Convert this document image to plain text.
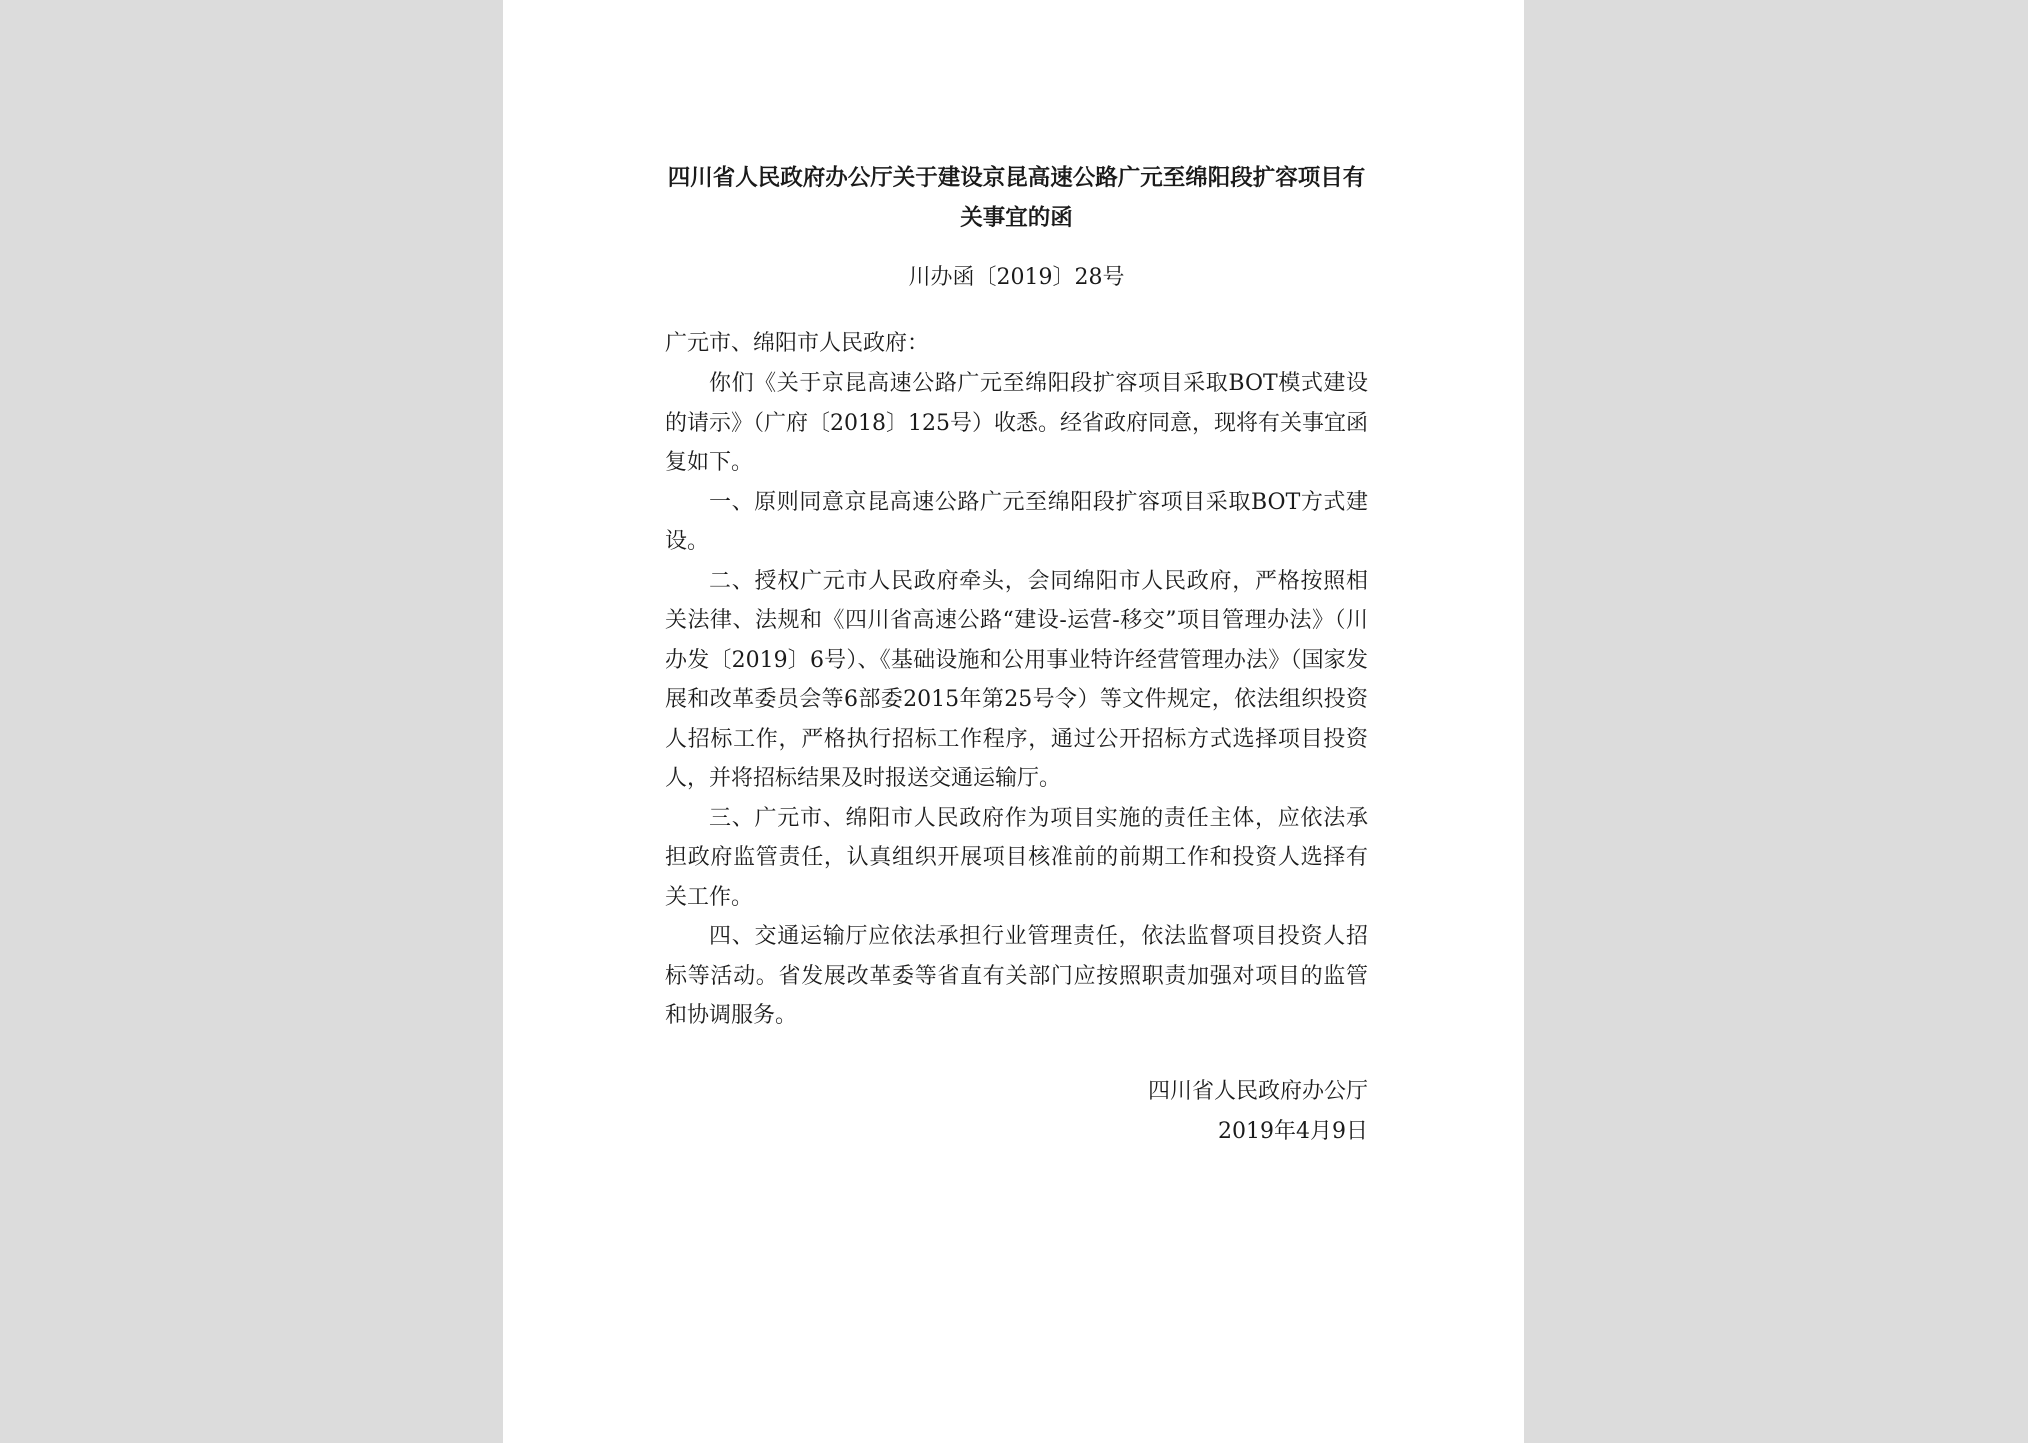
四川省人民政府办公厅关于建设京昆高速公路广元至绵阳段扩容项目有关事宜的函
川办函〔2019〕28号
广元市、绵阳市人民政府：

你们《关于京昆高速公路广元至绵阳段扩容项目采取BOT模式建设的请示》（广府〔2018〕125号）收悉。经省政府同意，现将有关事宜函复如下。

一、原则同意京昆高速公路广元至绵阳段扩容项目采取BOT方式建设。

二、授权广元市人民政府牵头，会同绵阳市人民政府，严格按照相关法律、法规和《四川省高速公路“建设-运营-移交”项目管理办法》（川办发〔2019〕6号）、《基础设施和公用事业特许经营管理办法》（国家发展和改革委员会等6部委2015年第25号令）等文件规定，依法组织投资人招标工作，严格执行招标工作程序，通过公开招标方式选择项目投资人，并将招标结果及时报送交通运输厅。

三、广元市、绵阳市人民政府作为项目实施的责任主体，应依法承担政府监管责任，认真组织开展项目核准前的前期工作和投资人选择有关工作。

四、交通运输厅应依法承担行业管理责任，依法监督项目投资人招标等活动。省发展改革委等省直有关部门应按照职责加强对项目的监管和协调服务。

四川省人民政府办公厅
2019年4月9日
